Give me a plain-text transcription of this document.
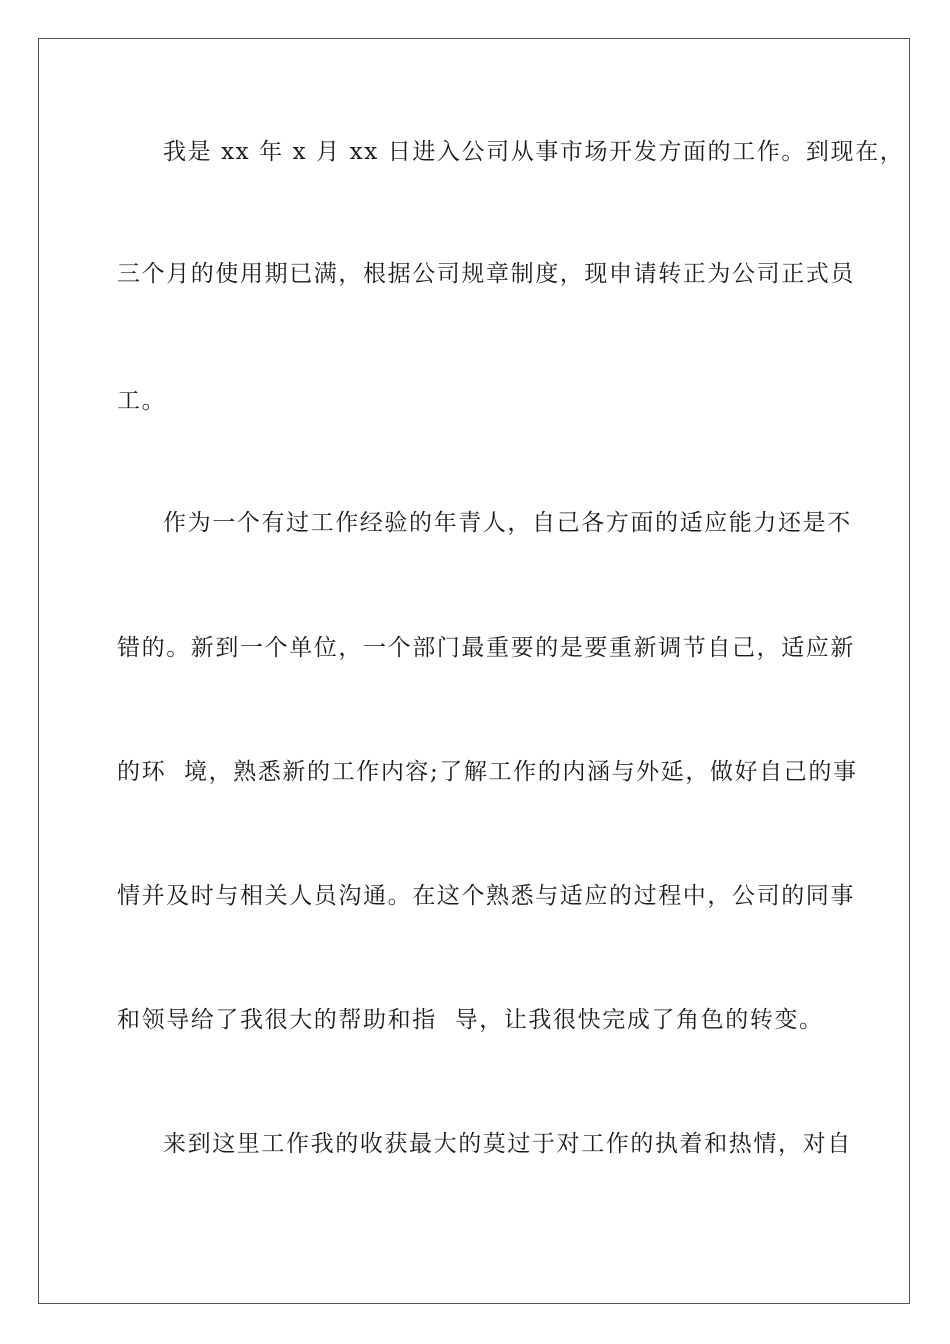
我是 xx 年 x 月 xx 日进入公司从事市场开发方面的工作。到现在，
三个月的使用期已满，根据公司规章制度，现申请转正为公司正式员
工。
作为一个有过工作经验的年青人，自己各方面的适应能力还是不
错的。新到一个单位，一个部门最重要的是要重新调节自己，适应新
的环  境，熟悉新的工作内容;了解工作的内涵与外延，做好自己的事
情并及时与相关人员沟通。在这个熟悉与适应的过程中，公司的同事
和领导给了我很大的帮助和指  导，让我很快完成了角色的转变。
来到这里工作我的收获最大的莫过于对工作的执着和热情，对自
